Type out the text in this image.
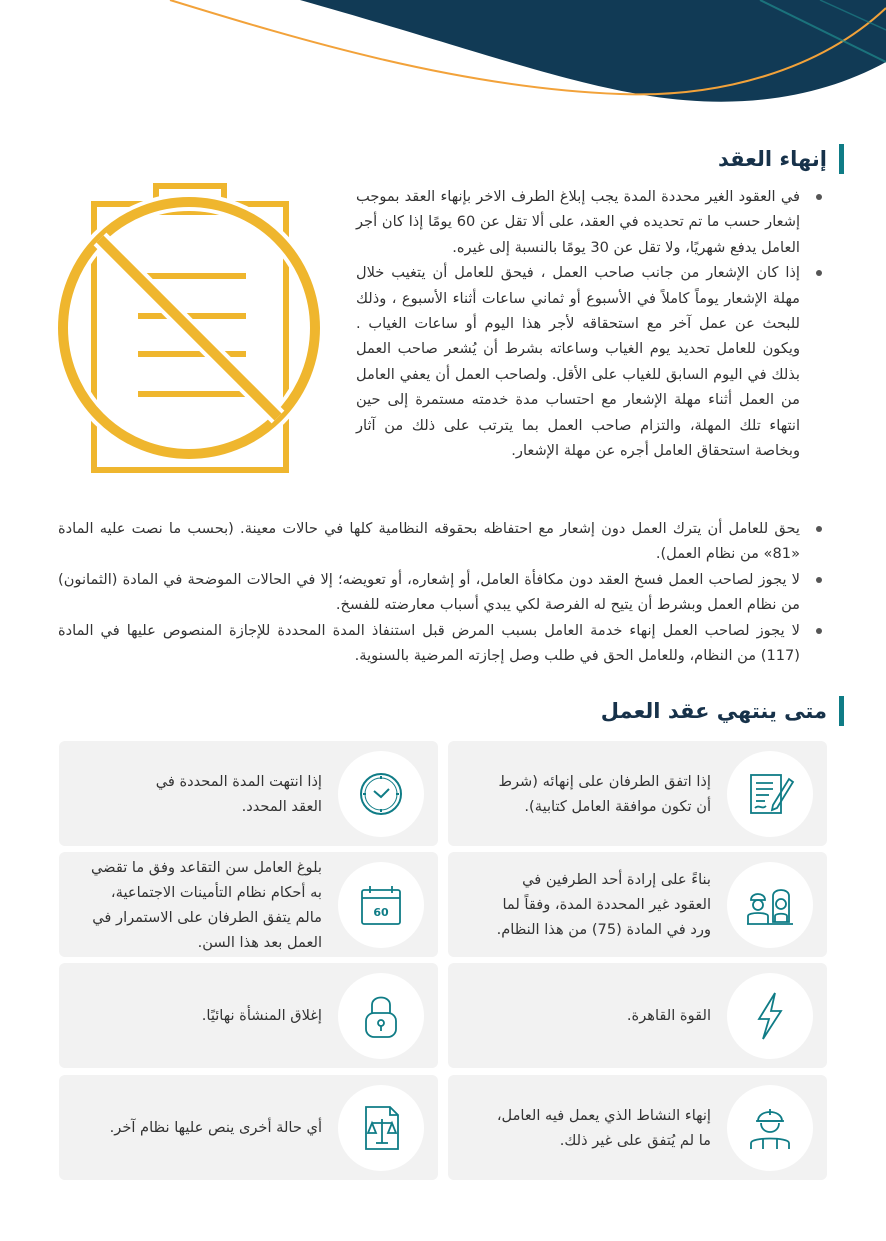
إنهاء العقد
في العقود الغير محددة المدة يجب إبلاغ الطرف الاخر بإنهاء العقد بموجب إشعار حسب ما تم تحديده في العقد، على ألا تقل عن 60 يومًا إذا كان أجر العامل يدفع شهريًا، ولا تقل عن 30 يومًا بالنسبة إلى غيره.
إذا كان الإشعار من جانب صاحب العمل ، فيحق للعامل أن يتغيب خلال مهلة الإشعار يوماً كاملاً في الأسبوع أو ثماني ساعات أثناء الأسبوع ، وذلك للبحث عن عمل آخر مع استحقاقه لأجر هذا اليوم أو ساعات الغياب . ويكون للعامل تحديد يوم الغياب وساعاته بشرط أن يُشعر صاحب العمل بذلك في اليوم السابق للغياب على الأقل. ولصاحب العمل أن يعفي العامل من العمل أثناء مهلة الإشعار مع احتساب مدة خدمته مستمرة إلى حين انتهاء تلك المهلة، والتزام صاحب العمل بما يترتب على ذلك من آثار وبخاصة استحقاق العامل أجره عن مهلة الإشعار.
يحق للعامل أن يترك العمل دون إشعار مع احتفاظه بحقوقه النظامية كلها في حالات معينة. (بحسب ما نصت عليه المادة «81» من نظام العمل).
لا يجوز لصاحب العمل فسخ العقد دون مكافأة العامل، أو إشعاره، أو تعويضه؛ إلا في الحالات الموضحة في المادة (الثمانون) من نظام العمل وبشرط أن يتيح له الفرصة لكي يبدي أسباب معارضته للفسخ.
لا يجوز لصاحب العمل إنهاء خدمة العامل بسبب المرض قبل استنفاذ المدة المحددة للإجازة المنصوص عليها في المادة (117) من النظام، وللعامل الحق في طلب وصل إجازته المرضية بالسنوية.
متى ينتهي عقد العمل
إذا اتفق الطرفان على إنهائه (شرط
أن تكون موافقة العامل كتابية).
إذا انتهت المدة المحددة في
العقد المحدد.
بناءً على إرادة أحد الطرفين في
العقود غير المحددة المدة، وفقاً لما
ورد في المادة (75) من هذا النظام.
60
بلوغ العامل سن التقاعد وفق ما تقضي
به أحكام نظام التأمينات الاجتماعية،
مالم يتفق الطرفان على الاستمرار في
العمل بعد هذا السن.
القوة القاهرة.
إغلاق المنشأة نهائيًا.
إنهاء النشاط الذي يعمل فيه العامل،
ما لم يُتفق على غير ذلك.
أي حالة أخرى ينص عليها نظام آخر.
